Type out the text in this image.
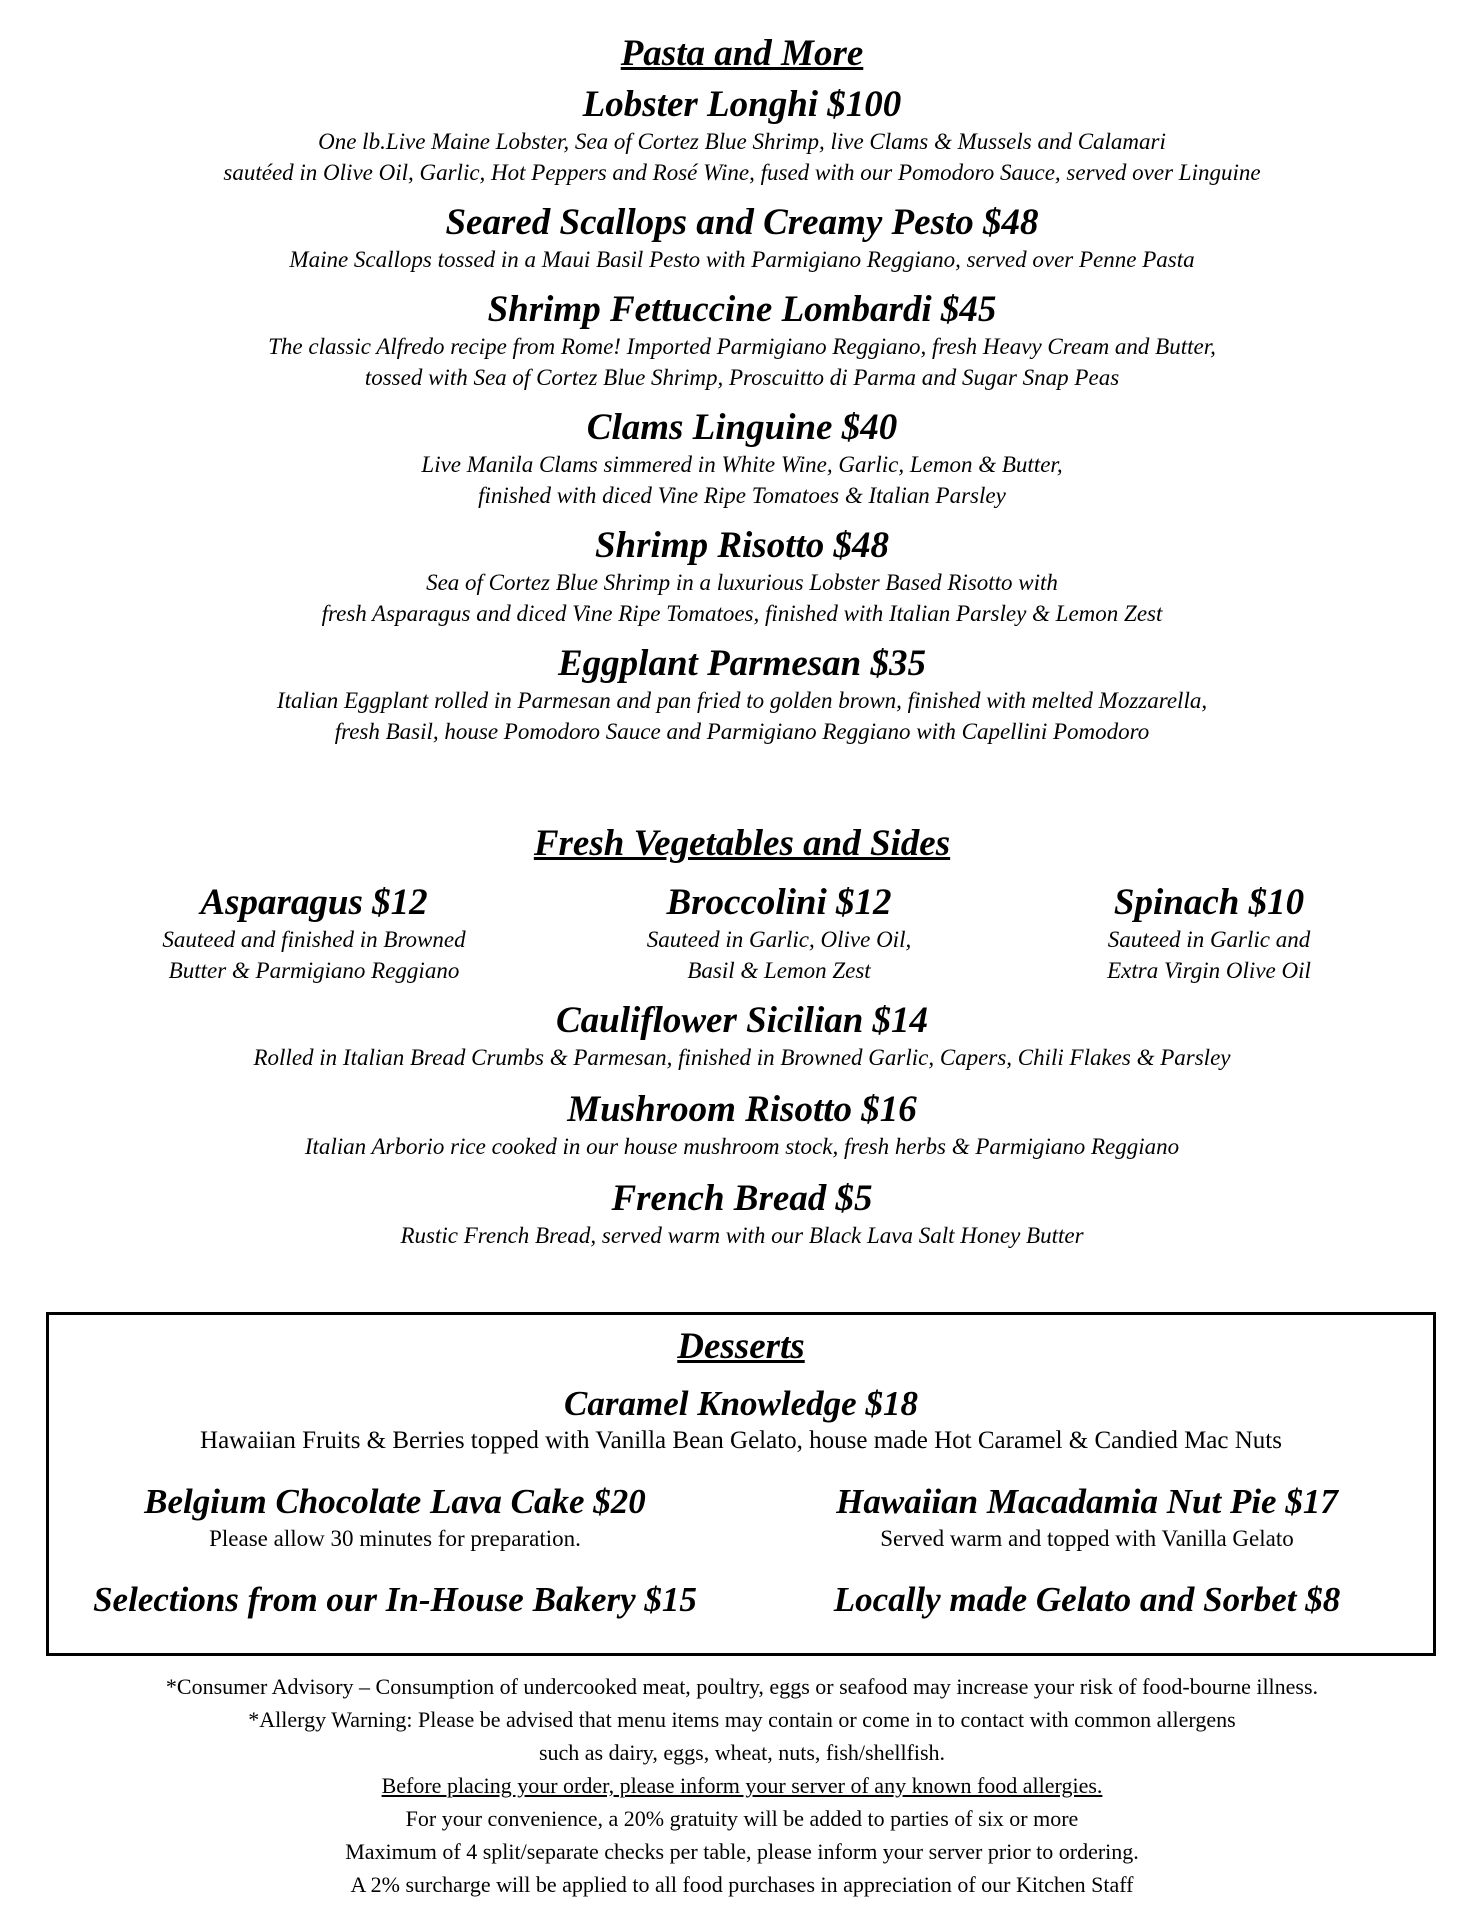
Pasta and More
Lobster Longhi $100
One lb.Live Maine Lobster, Sea of Cortez Blue Shrimp, live Clams & Mussels and Calamari
sautéed in Olive Oil, Garlic, Hot Peppers and Rosé Wine, fused with our Pomodoro Sauce, served over Linguine
Seared Scallops and Creamy Pesto $48
Maine Scallops tossed in a Maui Basil Pesto with Parmigiano Reggiano, served over Penne Pasta
Shrimp Fettuccine Lombardi $45
The classic Alfredo recipe from Rome! Imported Parmigiano Reggiano, fresh Heavy Cream and Butter,
tossed with Sea of Cortez Blue Shrimp, Proscuitto di Parma and Sugar Snap Peas
Clams Linguine $40
Live Manila Clams simmered in White Wine, Garlic, Lemon & Butter,
finished with diced Vine Ripe Tomatoes & Italian Parsley
Shrimp Risotto $48
Sea of Cortez Blue Shrimp in a luxurious Lobster Based Risotto with
fresh Asparagus and diced Vine Ripe Tomatoes, finished with Italian Parsley & Lemon Zest
Eggplant Parmesan $35
Italian Eggplant rolled in Parmesan and pan fried to golden brown, finished with melted Mozzarella,
fresh Basil, house Pomodoro Sauce and Parmigiano Reggiano with Capellini Pomodoro
Fresh Vegetables and Sides
Asparagus $12
Sauteed and finished in Browned
Butter & Parmigiano Reggiano
Broccolini $12
Sauteed in Garlic, Olive Oil,
Basil & Lemon Zest
Spinach $10
Sauteed in Garlic and
Extra Virgin Olive Oil
Cauliflower Sicilian $14
Rolled in Italian Bread Crumbs & Parmesan, finished in Browned Garlic, Capers, Chili Flakes & Parsley
Mushroom Risotto $16
Italian Arborio rice cooked in our house mushroom stock, fresh herbs & Parmigiano Reggiano
French Bread $5
Rustic French Bread, served warm with our Black Lava Salt Honey Butter
Desserts
Caramel Knowledge $18
Hawaiian Fruits & Berries topped with Vanilla Bean Gelato, house made Hot Caramel & Candied Mac Nuts
Belgium Chocolate Lava Cake $20
Please allow 30 minutes for preparation.
Hawaiian Macadamia Nut Pie $17
Served warm and topped with Vanilla Gelato
Selections from our In-House Bakery $15	Locally made Gelato and Sorbet $8
*Consumer Advisory – Consumption of undercooked meat, poultry, eggs or seafood may increase your risk of food-bourne illness.
*Allergy Warning: Please be advised that menu items may contain or come in to contact with common allergens
such as dairy, eggs, wheat, nuts, fish/shellfish.
Before placing your order, please inform your server of any known food allergies.
For your convenience, a 20% gratuity will be added to parties of six or more
Maximum of 4 split/separate checks per table, please inform your server prior to ordering.
A 2% surcharge will be applied to all food purchases in appreciation of our Kitchen Staff
